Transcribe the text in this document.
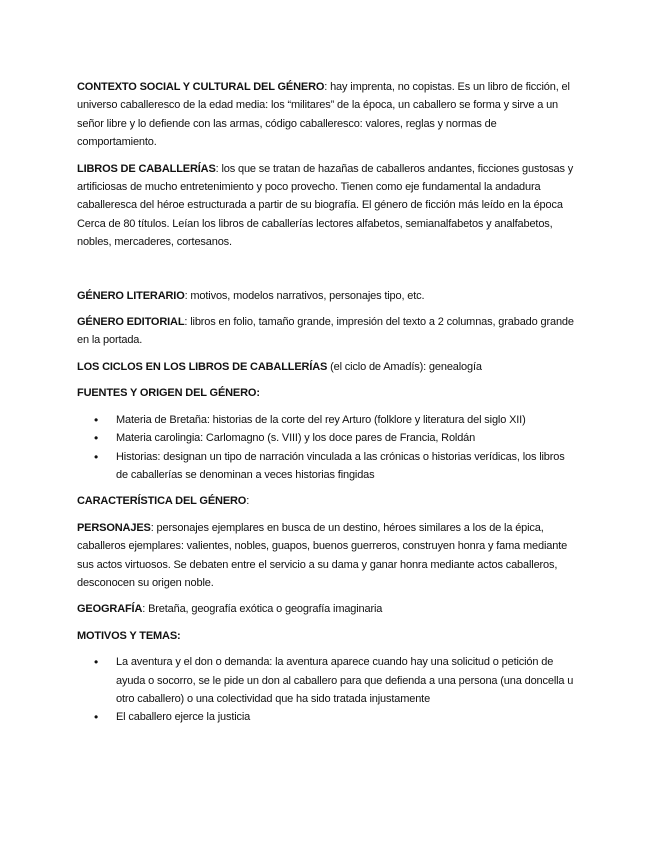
CONTEXTO SOCIAL Y CULTURAL DEL GÉNERO: hay imprenta, no copistas. Es un libro de ficción, el universo caballeresco de la edad media: los “militares” de la época, un caballero se forma y sirve a un señor libre y lo defiende con las armas, código caballeresco: valores, reglas y normas de comportamiento.

LIBROS DE CABALLERÍAS: los que se tratan de hazañas de caballeros andantes, ficciones gustosas y artificiosas de mucho entretenimiento y poco provecho. Tienen como eje fundamental la andadura caballeresca del héroe estructurada a partir de su biografía. El género de ficción más leído en la época Cerca de 80 títulos. Leían los libros de caballerías lectores alfabetos, semianalfabetos y analfabetos, nobles, mercaderes, cortesanos.

GÉNERO LITERARIO: motivos, modelos narrativos, personajes tipo, etc.

GÉNERO EDITORIAL: libros en folio, tamaño grande, impresión del texto a 2 columnas, grabado grande en la portada.

LOS CICLOS EN LOS LIBROS DE CABALLERÍAS (el ciclo de Amadís): genealogía

FUENTES Y ORIGEN DEL GÉNERO:

• Materia de Bretaña: historias de la corte del rey Arturo (folklore y literatura del siglo XII)
• Materia carolingia: Carlomagno (s. VIII) y los doce pares de Francia, Roldán
• Historias: designan un tipo de narración vinculada a las crónicas o historias verídicas, los libros de caballerías se denominan a veces historias fingidas

CARACTERÍSTICA DEL GÉNERO:

PERSONAJES: personajes ejemplares en busca de un destino, héroes similares a los de la épica, caballeros ejemplares: valientes, nobles, guapos, buenos guerreros, construyen honra y fama mediante sus actos virtuosos. Se debaten entre el servicio a su dama y ganar honra mediante actos caballeros, desconocen su origen noble.

GEOGRAFÍA: Bretaña, geografía exótica o geografía imaginaria

MOTIVOS Y TEMAS:

• La aventura y el don o demanda: la aventura aparece cuando hay una solicitud o petición de ayuda o socorro, se le pide un don al caballero para que defienda a una persona (una doncella u otro caballero) o una colectividad que ha sido tratada injustamente
• El caballero ejerce la justicia
